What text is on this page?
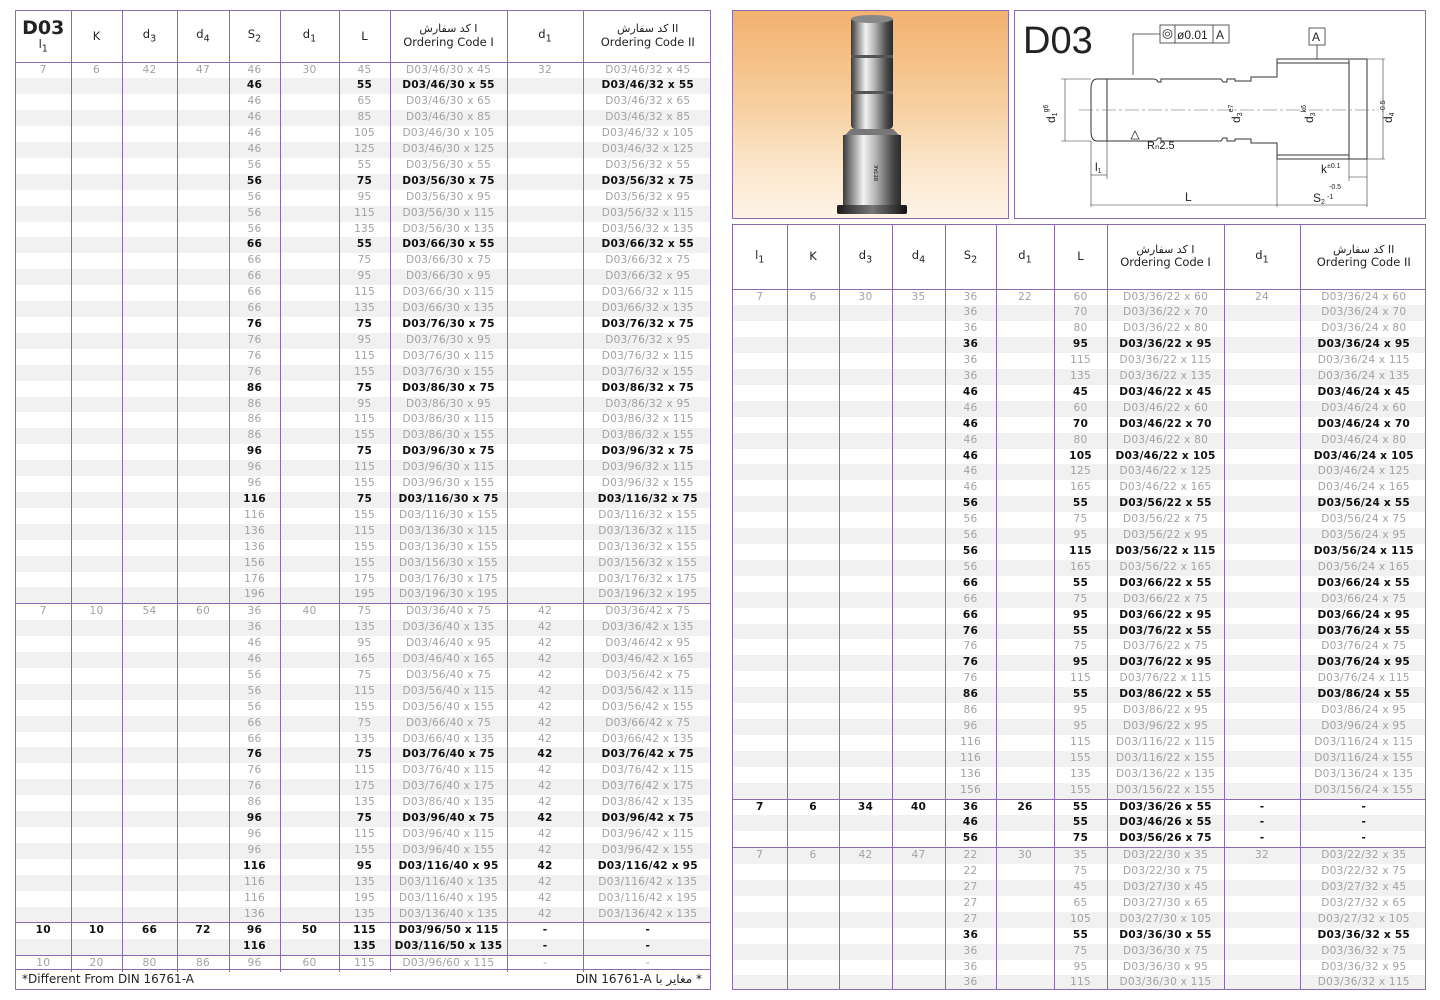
D03
$l_1$	K	$d_3$	$d_4$	$S_2$	$d_1$	L	کد سفارش I
Ordering Code I	$d_1$	کد سفارش II
Ordering Code II

7	6	42	47	46	30	45	D03/46/30 x 45	32	D03/46/32 x 45
				46		55	D03/46/30 x 55		D03/46/32 x 55
				46		65	D03/46/30 x 65		D03/46/32 x 65
				46		85	D03/46/30 x 85		D03/46/32 x 85
				46		105	D03/46/30 x 105		D03/46/32 x 105
				46		125	D03/46/30 x 125		D03/46/32 x 125
				56		55	D03/56/30 x 55		D03/56/32 x 55
				56		75	D03/56/30 x 75		D03/56/32 x 75
				56		95	D03/56/30 x 95		D03/56/32 x 95
				56		115	D03/56/30 x 115		D03/56/32 x 115
				56		135	D03/56/30 x 135		D03/56/32 x 135
				66		55	D03/66/30 x 55		D03/66/32 x 55
				66		75	D03/66/30 x 75		D03/66/32 x 75
				66		95	D03/66/30 x 95		D03/66/32 x 95
				66		115	D03/66/30 x 115		D03/66/32 x 115
				66		135	D03/66/30 x 135		D03/66/32 x 135
				76		75	D03/76/30 x 75		D03/76/32 x 75
				76		95	D03/76/30 x 95		D03/76/32 x 95
				76		115	D03/76/30 x 115		D03/76/32 x 115
				76		155	D03/76/30 x 155		D03/76/32 x 155
				86		75	D03/86/30 x 75		D03/86/32 x 75
				86		95	D03/86/30 x 95		D03/86/32 x 95
				86		115	D03/86/30 x 115		D03/86/32 x 115
				86		155	D03/86/30 x 155		D03/86/32 x 155
				96		75	D03/96/30 x 75		D03/96/32 x 75
				96		115	D03/96/30 x 115		D03/96/32 x 115
				96		155	D03/96/30 x 155		D03/96/32 x 155
				116		75	D03/116/30 x 75		D03/116/32 x 75
				116		155	D03/116/30 x 155		D03/116/32 x 155
				136		115	D03/136/30 x 115		D03/136/32 x 115
				136		155	D03/136/30 x 155		D03/136/32 x 155
				156		155	D03/156/30 x 155		D03/156/32 x 155
				176		175	D03/176/30 x 175		D03/176/32 x 175
				196		195	D03/196/30 x 195		D03/196/32 x 195
7	10	54	60	36	40	75	D03/36/40 x 75	42	D03/36/42 x 75
				36		135	D03/36/40 x 135	42	D03/36/42 x 135
				46		95	D03/46/40 x 95	42	D03/46/42 x 95
				46		165	D03/46/40 x 165	42	D03/46/42 x 165
				56		75	D03/56/40 x 75	42	D03/56/42 x 75
				56		115	D03/56/40 x 115	42	D03/56/42 x 115
				56		155	D03/56/40 x 155	42	D03/56/42 x 155
				66		75	D03/66/40 x 75	42	D03/66/42 x 75
				66		135	D03/66/40 x 135	42	D03/66/42 x 135
				76		75	D03/76/40 x 75	42	D03/76/42 x 75
				76		115	D03/76/40 x 115	42	D03/76/42 x 115
				76		175	D03/76/40 x 175	42	D03/76/42 x 175
				86		135	D03/86/40 x 135	42	D03/86/42 x 135
				96		75	D03/96/40 x 75	42	D03/96/42 x 75
				96		115	D03/96/40 x 115	42	D03/96/42 x 115
				96		155	D03/96/40 x 155	42	D03/96/42 x 155
				116		95	D03/116/40 x 95	42	D03/116/42 x 95
				116		135	D03/116/40 x 135	42	D03/116/42 x 135
				116		195	D03/116/40 x 195	42	D03/116/42 x 195
				136		135	D03/136/40 x 135	42	D03/136/42 x 135
10	10	66	72	96	50	115	D03/96/50 x 115	-	-
				116		135	D03/116/50 x 135	-	-
10	20	80	86	96	60	115	D03/96/60 x 115	-	-
*Different From DIN 16761-A	* مغایر با DIN 16761-A
BETAK
D03	ø0.01 A	A
$d1^{g6}$
$d3^{e7}$
$d3^{k6}$
$d4^{-0.5}$
Rₙ2.5
l1	$k^{\pm 0.1}$
L	S2
-0.5
-1
$l_1$	K	$d_3$	$d_4$	$S_2$	$d_1$	L	کد سفارش I
Ordering Code I	$d_1$	کد سفارش II
Ordering Code II

7	6	30	35	36	22	60	D03/36/22 x 60	24	D03/36/24 x 60
				36		70	D03/36/22 x 70		D03/36/24 x 70
				36		80	D03/36/22 x 80		D03/36/24 x 80
				36		95	D03/36/22 x 95		D03/36/24 x 95
				36		115	D03/36/22 x 115		D03/36/24 x 115
				36		135	D03/36/22 x 135		D03/36/24 x 135
				46		45	D03/46/22 x 45		D03/46/24 x 45
				46		60	D03/46/22 x 60		D03/46/24 x 60
				46		70	D03/46/22 x 70		D03/46/24 x 70
				46		80	D03/46/22 x 80		D03/46/24 x 80
				46		105	D03/46/22 x 105		D03/46/24 x 105
				46		125	D03/46/22 x 125		D03/46/24 x 125
				46		165	D03/46/22 x 165		D03/46/24 x 165
				56		55	D03/56/22 x 55		D03/56/24 x 55
				56		75	D03/56/22 x 75		D03/56/24 x 75
				56		95	D03/56/22 x 95		D03/56/24 x 95
				56		115	D03/56/22 x 115		D03/56/24 x 115
				56		165	D03/56/22 x 165		D03/56/24 x 165
				66		55	D03/66/22 x 55		D03/66/24 x 55
				66		75	D03/66/22 x 75		D03/66/24 x 75
				66		95	D03/66/22 x 95		D03/66/24 x 95
				76		55	D03/76/22 x 55		D03/76/24 x 55
				76		75	D03/76/22 x 75		D03/76/24 x 75
				76		95	D03/76/22 x 95		D03/76/24 x 95
				76		115	D03/76/22 x 115		D03/76/24 x 115
				86		55	D03/86/22 x 55		D03/86/24 x 55
				86		95	D03/86/22 x 95		D03/86/24 x 95
				96		95	D03/96/22 x 95		D03/96/24 x 95
				116		115	D03/116/22 x 115		D03/116/24 x 115
				116		155	D03/116/22 x 155		D03/116/24 x 155
				136		135	D03/136/22 x 135		D03/136/24 x 135
				156		155	D03/156/22 x 155		D03/156/24 x 155
7	6	34	40	36	26	55	D03/36/26 x 55	-	-
				46		55	D03/46/26 x 55	-	-
				56		75	D03/56/26 x 75	-	-
7	6	42	47	22	30	35	D03/22/30 x 35	32	D03/22/32 x 35
				22		75	D03/22/30 x 75		D03/22/32 x 75
				27		45	D03/27/30 x 45		D03/27/32 x 45
				27		65	D03/27/30 x 65		D03/27/32 x 65
				27		105	D03/27/30 x 105		D03/27/32 x 105
				36		55	D03/36/30 x 55		D03/36/32 x 55
				36		75	D03/36/30 x 75		D03/36/32 x 75
				36		95	D03/36/30 x 95		D03/36/32 x 95
				36		115	D03/36/30 x 115		D03/36/32 x 115
